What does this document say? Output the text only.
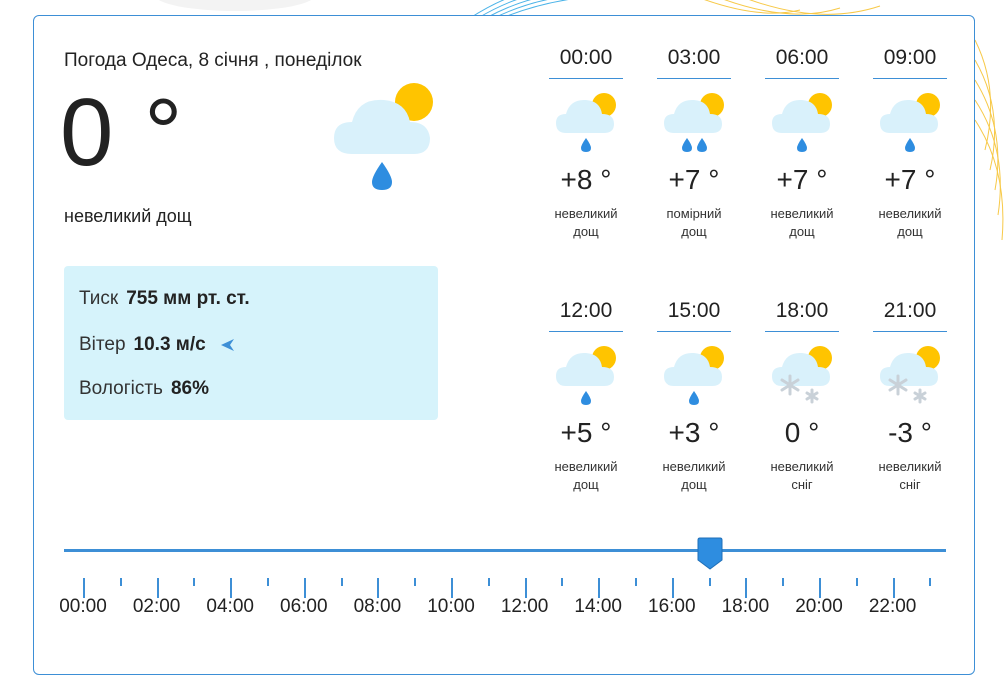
Погода Одеса, 8 січня , понеділок
0 °
невеликий дощ
Тиск 755 мм рт. ст.
Вітер 10.3 м/с
Вологість 86%
00:00
+8 °
невеликий
дощ
03:00
+7 °
помірний
дощ
06:00
+7 °
невеликий
дощ
09:00
+7 °
невеликий
дощ
12:00
+5 °
невеликий
дощ
15:00
+3 °
невеликий
дощ
18:00
0 °
невеликий
сніг
21:00
-3 °
невеликий
сніг
00:00	02:00	04:00	06:00	08:00	10:00	12:00	14:00	16:00	18:00	20:00	22:00
